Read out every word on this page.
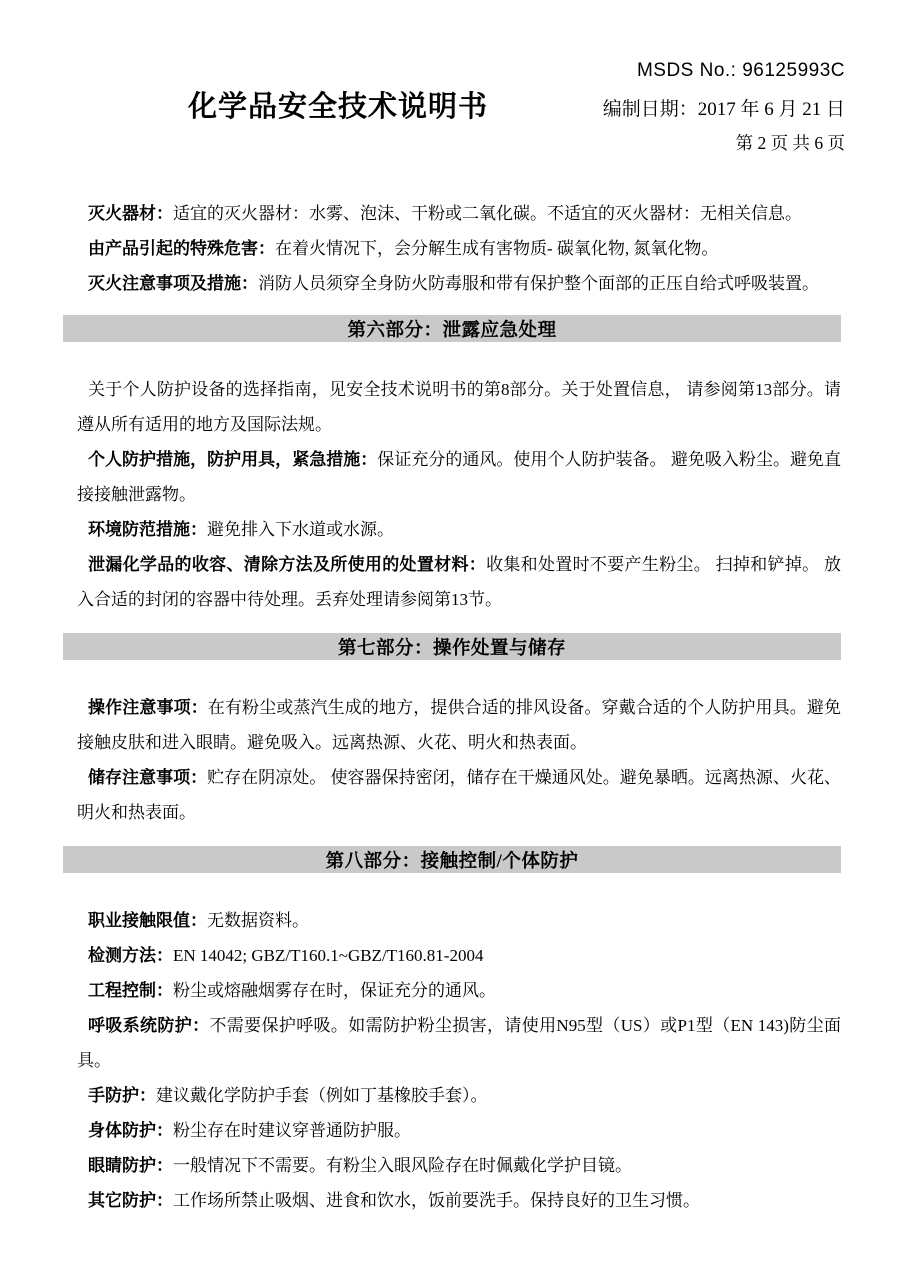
化学品安全技术说明书
MSDS No.: 96125993C
编制日期：2017 年 6 月 21 日
第 2 页 共 6 页

灭火器材：适宜的灭火器材：水雾、泡沫、干粉或二氧化碳。不适宜的灭火器材：无相关信息。

由产品引起的特殊危害：在着火情况下，会分解生成有害物质- 碳氧化物, 氮氧化物。

灭火注意事项及措施：消防人员须穿全身防火防毒服和带有保护整个面部的正压自给式呼吸装置。

第六部分：泄露应急处理

关于个人防护设备的选择指南，见安全技术说明书的第8部分。关于处置信息， 请参阅第13部分。请遵从所有适用的地方及国际法规。

个人防护措施，防护用具，紧急措施：保证充分的通风。使用个人防护装备。 避免吸入粉尘。避免直接接触泄露物。

环境防范措施：避免排入下水道或水源。

泄漏化学品的收容、清除方法及所使用的处置材料：收集和处置时不要产生粉尘。 扫掉和铲掉。 放入合适的封闭的容器中待处理。丢弃处理请参阅第13节。

第七部分：操作处置与储存

操作注意事项：在有粉尘或蒸汽生成的地方，提供合适的排风设备。穿戴合适的个人防护用具。避免接触皮肤和进入眼睛。避免吸入。远离热源、火花、明火和热表面。

储存注意事项：贮存在阴凉处。 使容器保持密闭，储存在干燥通风处。避免暴晒。远离热源、火花、明火和热表面。

第八部分：接触控制/个体防护

职业接触限值：无数据资料。

检测方法：EN 14042; GBZ/T160.1~GBZ/T160.81-2004

工程控制：粉尘或熔融烟雾存在时，保证充分的通风。

呼吸系统防护：不需要保护呼吸。如需防护粉尘损害，请使用N95型（US）或P1型（EN 143)防尘面具。

手防护：建议戴化学防护手套（例如丁基橡胶手套）。

身体防护：粉尘存在时建议穿普通防护服。

眼睛防护：一般情况下不需要。有粉尘入眼风险存在时佩戴化学护目镜。

其它防护：工作场所禁止吸烟、进食和饮水，饭前要洗手。保持良好的卫生习惯。
